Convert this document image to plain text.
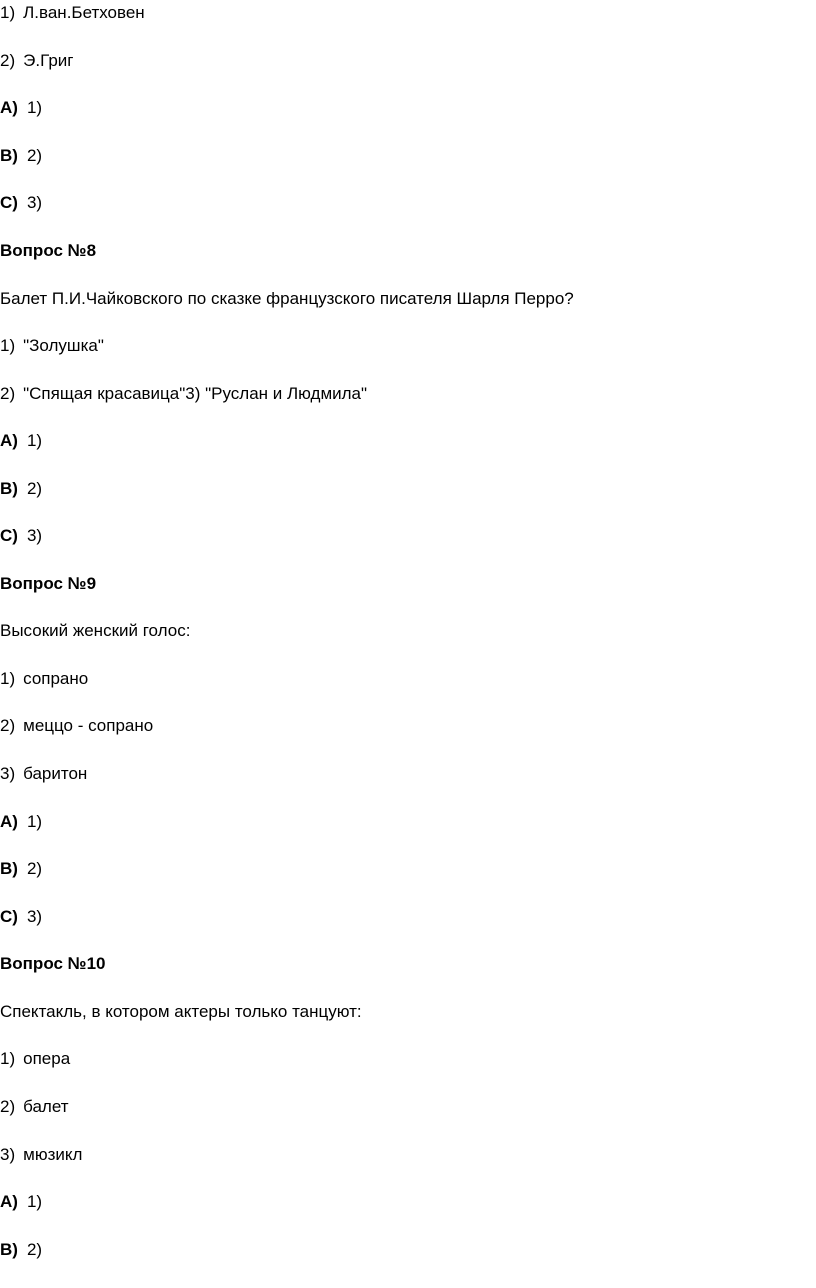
1) Л.ван.Бетховен
2) Э.Григ
A) 1)
B) 2)
C) 3)
Вопрос №8
Балет П.И.Чайковского по сказке французского писателя Шарля Перро?
1) "Золушка"
2) "Спящая красавица"3) "Руслан и Людмила"
A) 1)
B) 2)
C) 3)
Вопрос №9
Высокий женский голос:
1) сопрано
2) меццо - сопрано
3) баритон
A) 1)
B) 2)
C) 3)
Вопрос №10
Спектакль, в котором актеры только танцуют:
1) опера
2) балет
3) мюзикл
A) 1)
B) 2)
